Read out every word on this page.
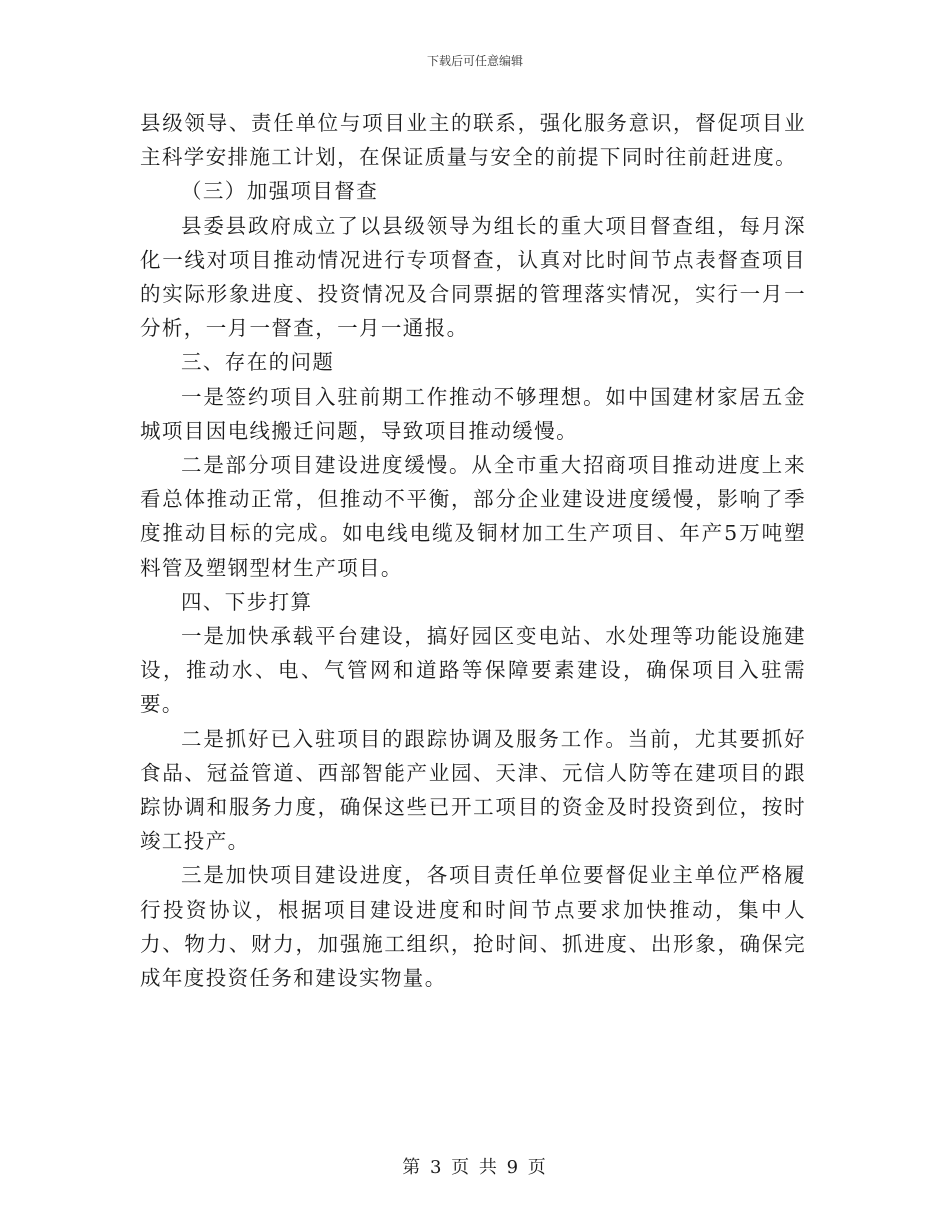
下载后可任意编辑

县级领导、责任单位与项目业主的联系，强化服务意识，督促项目业主科学安排施工计划，在保证质量与安全的前提下同时往前赶进度。

（三）加强项目督查

县委县政府成立了以县级领导为组长的重大项目督查组，每月深化一线对项目推动情况进行专项督查，认真对比时间节点表督查项目的实际形象进度、投资情况及合同票据的管理落实情况，实行一月一分析，一月一督查，一月一通报。

三、存在的问题

一是签约项目入驻前期工作推动不够理想。如中国建材家居五金城项目因电线搬迁问题，导致项目推动缓慢。

二是部分项目建设进度缓慢。从全市重大招商项目推动进度上来看总体推动正常，但推动不平衡，部分企业建设进度缓慢，影响了季度推动目标的完成。如电线电缆及铜材加工生产项目、年产5万吨塑料管及塑钢型材生产项目。

四、下步打算

一是加快承载平台建设，搞好园区变电站、水处理等功能设施建设，推动水、电、气管网和道路等保障要素建设，确保项目入驻需要。

二是抓好已入驻项目的跟踪协调及服务工作。当前，尤其要抓好食品、冠益管道、西部智能产业园、天津、元信人防等在建项目的跟踪协调和服务力度，确保这些已开工项目的资金及时投资到位，按时竣工投产。

三是加快项目建设进度，各项目责任单位要督促业主单位严格履行投资协议，根据项目建设进度和时间节点要求加快推动，集中人力、物力、财力，加强施工组织，抢时间、抓进度、出形象，确保完成年度投资任务和建设实物量。

第 3 页 共 9 页
